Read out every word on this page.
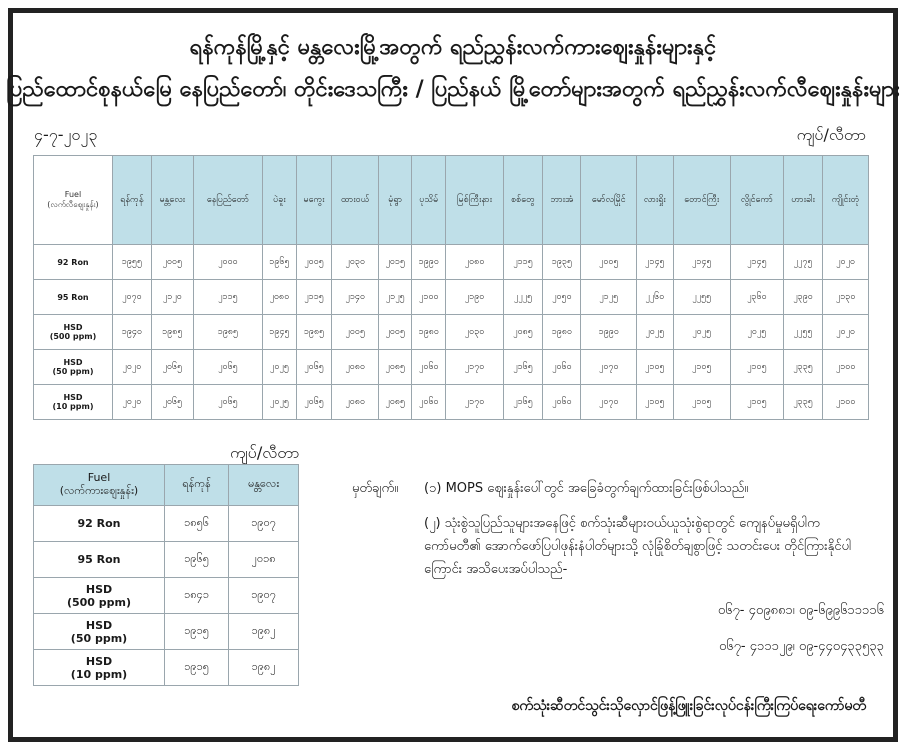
ရန်ကုန်မြို့နှင့် မန္တလေးမြို့အတွက် ရည်ညွှန်းလက်ကားဈေးနှုန်းများနှင့်
ပြည်ထောင်စုနယ်မြေ နေပြည်တော်၊ တိုင်းဒေသကြီး / ပြည်နယ် မြို့တော်များအတွက် ရည်ညွှန်းလက်လီဈေးနှုန်းများ
၄-၇-၂၀၂၃	ကျပ်/လီတာ
Fuel
(လက်လီဈေးနှုန်း)	ရန်ကုန်	မန္တလေး	နေပြည်တော်	ပဲခူး	မကွေး	ထားဝယ်	မုံရွာ	ပုသိမ်	မြစ်ကြီးနား	စစ်တွေ	ဘားအံ	မော်လမြိုင်	လားရှိုး	တောင်ကြီး	လွိုင်ကော်	ဟားခါး	ကျိုင်းတုံ
92 Ron	၁၉၅၅	၂၀၀၅	၂၀၀၀	၁၉၆၅	၂၀၀၅	၂၀၃၀	၂၀၁၅	၁၉၉၀	၂၀၈၀	၂၁၁၅	၁၉၃၅	၂၀၀၅	၂၁၄၅	၂၁၄၅	၂၁၄၅	၂၂၇၅	၂၀၂၀
95 Ron	၂၀၇၀	၂၁၂၀	၂၁၁၅	၂၀၈၀	၂၁၁၅	၂၁၄၀	၂၁၂၅	၂၁၀၀	၂၁၉၀	၂၂၂၅	၂၀၅၀	၂၁၂၅	၂၂၆၀	၂၂၅၅	၂၃၆၀	၂၃၉၀	၂၁၃၀
HSD
(500 ppm)	၁၉၄၀	၁၉၈၅	၁၉၈၅	၁၉၄၅	၁၉၈၅	၂၀၀၅	၂၀၀၅	၁၉၈၀	၂၀၃၀	၂၀၈၅	၁၉၈၀	၁၉၉၀	၂၀၂၅	၂၀၂၅	၂၀၂၅	၂၂၅၅	၂၀၂၀
HSD
(50 ppm)	၂၀၂၀	၂၀၆၅	၂၀၆၅	၂၀၂၅	၂၀၆၅	၂၀၈၀	၂၀၈၅	၂၀၆၀	၂၁၇၀	၂၁၆၅	၂၀၆၀	၂၀၇၀	၂၁၀၅	၂၁၀၅	၂၁၀၅	၂၃၃၅	၂၁၀၀
HSD
(10 ppm)	၂၀၂၀	၂၀၆၅	၂၀၆၅	၂၀၂၅	၂၀၆၅	၂၀၈၀	၂၀၈၅	၂၀၆၀	၂၁၇၀	၂၁၆၅	၂၀၆၀	၂၀၇၀	၂၁၀၅	၂၁၀၅	၂၁၀၅	၂၃၃၅	၂၁၀၀
ကျပ်/လီတာ
Fuel
(လက်ကားဈေးနှုန်း)	ရန်ကုန်	မန္တလေး
92 Ron	၁၈၅၆	၁၉၀၇
95 Ron	၁၉၆၅	၂၀၁၈
HSD
(500 ppm)	၁၈၄၁	၁၉၀၇
HSD
(50 ppm)	၁၉၁၅	၁၉၈၂
HSD
(10 ppm)	၁၉၁၅	၁၉၈၂
မှတ်ချက်။ (၁) MOPS ဈေးနှုန်းပေါ်တွင် အခြေခံတွက်ချက်ထားခြင်းဖြစ်ပါသည်။
(၂) သုံးစွဲသူပြည်သူများအနေဖြင့် စက်သုံးဆီများဝယ်ယူသုံးစွဲရာတွင် ကျေနပ်မှုမရှိပါက ကော်မတီ၏ အောက်ဖော်ပြပါဖုန်းနံပါတ်များသို့ လုံခြုံစိတ်ချစွာဖြင့် သတင်းပေး တိုင်ကြားနိုင်ပါကြောင်း အသိပေးအပ်ပါသည်-
၀၆၇- ၄၀၉၈၈၁၊ ၀၉-၆၉၉၆၁၁၁၁၆
၀၆၇- ၄၁၁၁၂၉၊ ၀၉-၄၄၀၄၃၃၅၃၃
စက်သုံးဆီတင်သွင်းသိုလှောင်ဖြန့်ဖြူးခြင်းလုပ်ငန်းကြီးကြပ်ရေးကော်မတီ
